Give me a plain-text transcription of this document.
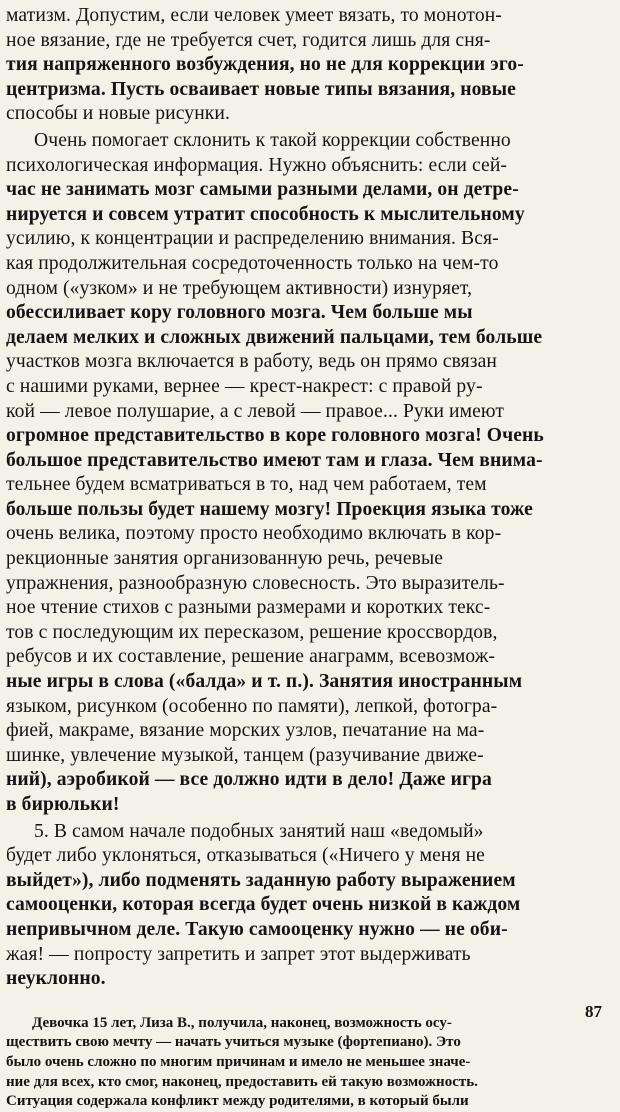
матизм. Допустим, если человек умеет вязать, то монотон-
ное вязание, где не требуется счет, годится лишь для сня-
тия напряженного возбуждения, но не для коррекции эго-
центризма. Пусть осваивает новые типы вязания, новые
способы и новые рисунки.
Очень помогает склонить к такой коррекции собственно
психологическая информация. Нужно объяснить: если сей-
час не занимать мозг самыми разными делами, он детре-
нируется и совсем утратит способность к мыслительному
усилию, к концентрации и распределению внимания. Вся-
кая продолжительная сосредоточенность только на чем-то
одном («узком» и не требующем активности) изнуряет,
обессиливает кору головного мозга. Чем больше мы
делаем мелких и сложных движений пальцами, тем больше
участков мозга включается в работу, ведь он прямо связан
с нашими руками, вернее — крест-накрест: с правой ру-
кой — левое полушарие, а с левой — правое... Руки имеют
огромное представительство в коре головного мозга! Очень
большое представительство имеют там и глаза. Чем внима-
тельнее будем всматриваться в то, над чем работаем, тем
больше пользы будет нашему мозгу! Проекция языка тоже
очень велика, поэтому просто необходимо включать в кор-
рекционные занятия организованную речь, речевые
упражнения, разнообразную словесность. Это выразитель-
ное чтение стихов с разными размерами и коротких текс-
тов с последующим их пересказом, решение кроссвордов,
ребусов и их составление, решение анаграмм, всевозмож-
ные игры в слова («балда» и т. п.). Занятия иностранным
языком, рисунком (особенно по памяти), лепкой, фотогра-
фией, макраме, вязание морских узлов, печатание на ма-
шинке, увлечение музыкой, танцем (разучивание движе-
ний), аэробикой — все должно идти в дело! Даже игра
в бирюльки!
5. В самом начале подобных занятий наш «ведомый»
будет либо уклоняться, отказываться («Ничего у меня не
выйдет»), либо подменять заданную работу выражением
самооценки, которая всегда будет очень низкой в каждом
непривычном деле. Такую самооценку нужно — не оби-
жая! — попросту запретить и запрет этот выдерживать
неуклонно.
Девочка 15 лет, Лиза В., получила, наконец, возможность осу-
ществить свою мечту — начать учиться музыке (фортепиано). Это
было очень сложно по многим причинам и имело не меньшее значе-
ние для всех, кто смог, наконец, предоставить ей такую возможность.
Ситуация содержала конфликт между родителями, в который были
87
